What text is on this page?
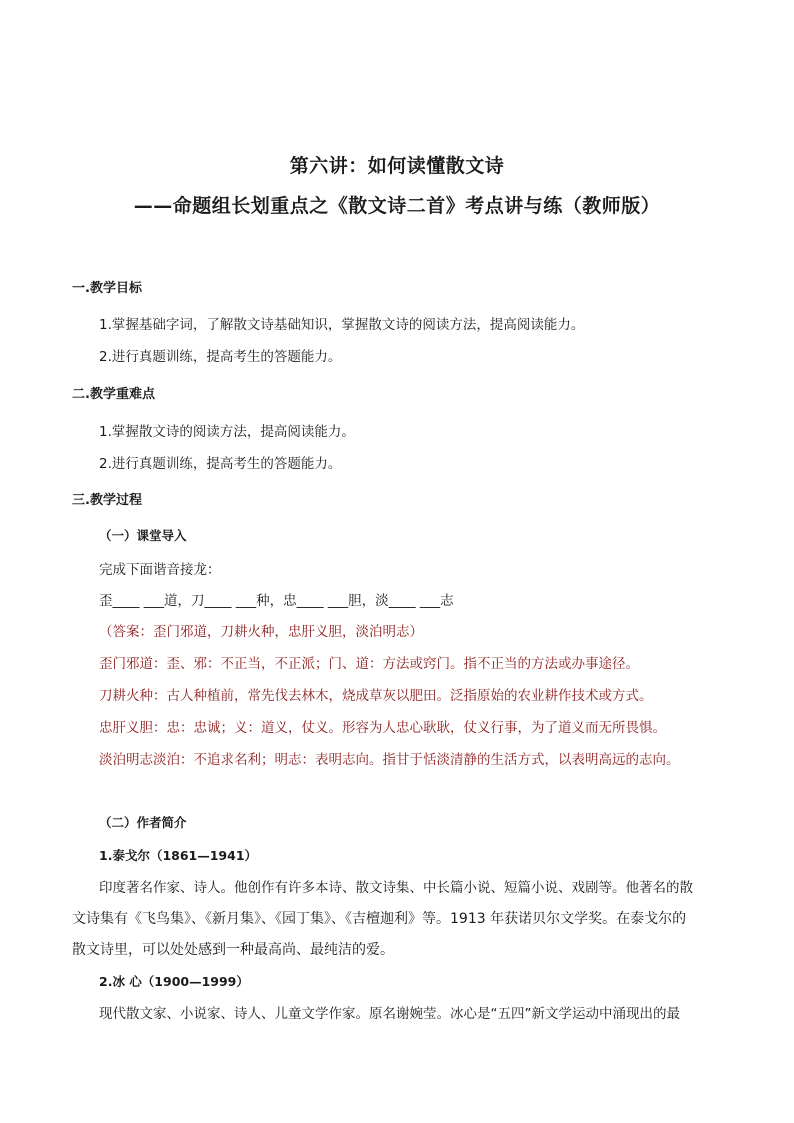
第六讲：如何读懂散文诗
——命题组长划重点之《散文诗二首》考点讲与练（教师版）
一.教学目标
1.掌握基础字词，了解散文诗基础知识，掌握散文诗的阅读方法，提高阅读能力。
2.进行真题训练，提高考生的答题能力。
二.教学重难点
1.掌握散文诗的阅读方法，提高阅读能力。
2.进行真题训练，提高考生的答题能力。
三.教学过程
（一）课堂导入
完成下面谐音接龙：
歪____ ___道，刀____ ___种，忠____ ___胆，淡____ ___志
（答案：歪门邪道，刀耕火种，忠肝义胆，淡泊明志）
歪门邪道：歪、邪：不正当，不正派；门、道：方法或窍门。指不正当的方法或办事途径。
刀耕火种：古人种植前，常先伐去林木，烧成草灰以肥田。泛指原始的农业耕作技术或方式。
忠肝义胆：忠：忠诚；义：道义，仗义。形容为人忠心耿耿，仗义行事，为了道义而无所畏惧。
淡泊明志淡泊：不追求名利；明志：表明志向。指甘于恬淡清静的生活方式，以表明高远的志向。
（二）作者简介
1.泰戈尔（1861—1941）
印度著名作家、诗人。他创作有许多本诗、散文诗集、中长篇小说、短篇小说、戏剧等。他著名的散
文诗集有《飞鸟集》、《新月集》、《园丁集》、《吉檀迦利》等。1913 年获诺贝尔文学奖。在泰戈尔的
散文诗里，可以处处感到一种最高尚、最纯洁的爱。
2.冰 心（1900—1999）
现代散文家、小说家、诗人、儿童文学作家。原名谢婉莹。冰心是“五四”新文学运动中涌现出的最
